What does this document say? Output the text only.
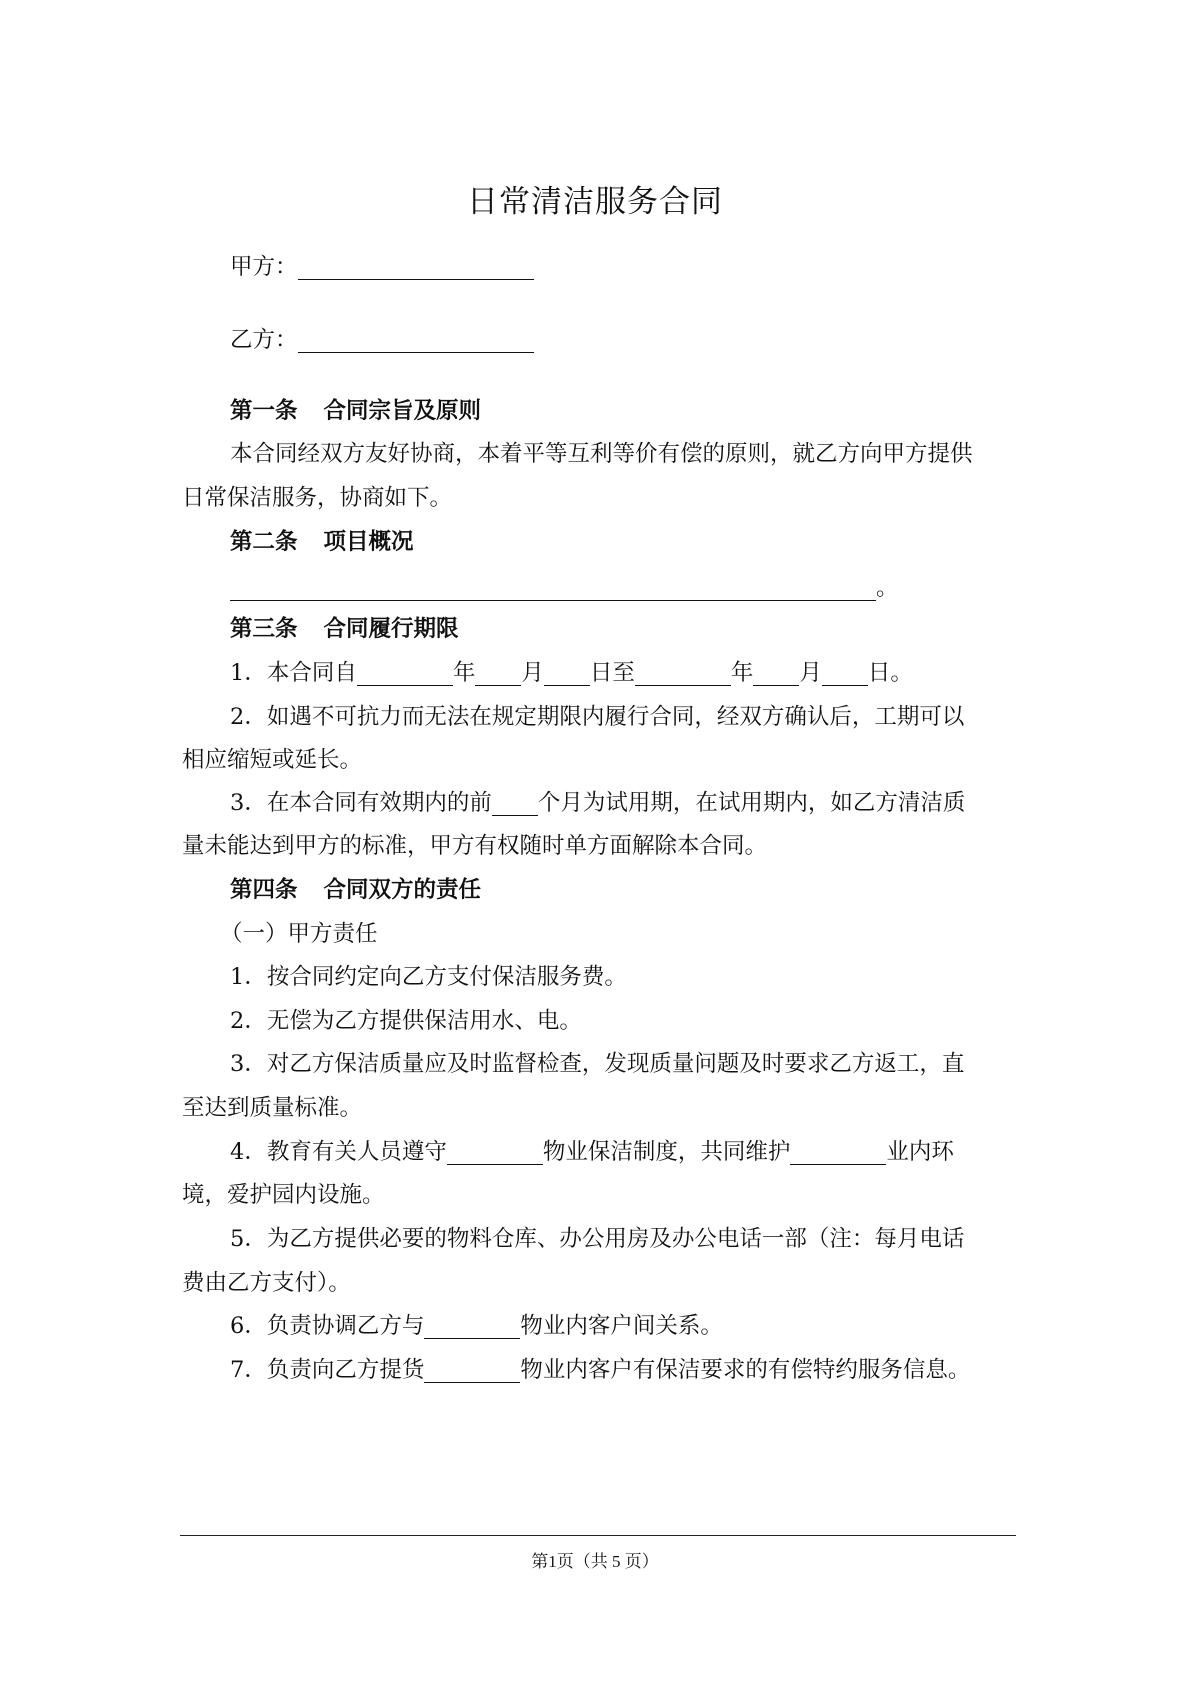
日常清洁服务合同
甲方：
乙方：
第一条 合同宗旨及原则
本合同经双方友好协商，本着平等互利等价有偿的原则，就乙方向甲方提供
日常保洁服务，协商如下。
第二条 项目概况
。
第三条 合同履行期限
1．本合同自	年 月 日至	年 月 日。
2．如遇不可抗力而无法在规定期限内履行合同，经双方确认后，工期可以
相应缩短或延长。
3．在本合同有效期内的前 个月为试用期，在试用期内，如乙方清洁质
量未能达到甲方的标准，甲方有权随时单方面解除本合同。
第四条 合同双方的责任
（一）甲方责任
1．按合同约定向乙方支付保洁服务费。
2．无偿为乙方提供保洁用水、电。
3．对乙方保洁质量应及时监督检查，发现质量问题及时要求乙方返工，直
至达到质量标准。
4．教育有关人员遵守	物业保洁制度，共同维护	业内环
境，爱护园内设施。
5．为乙方提供必要的物料仓库、办公用房及办公电话一部（注：每月电话
费由乙方支付）。
6．负责协调乙方与	物业内客户间关系。
7．负责向乙方提货	物业内客户有保洁要求的有偿特约服务信息。
第1页（共 5 页）
